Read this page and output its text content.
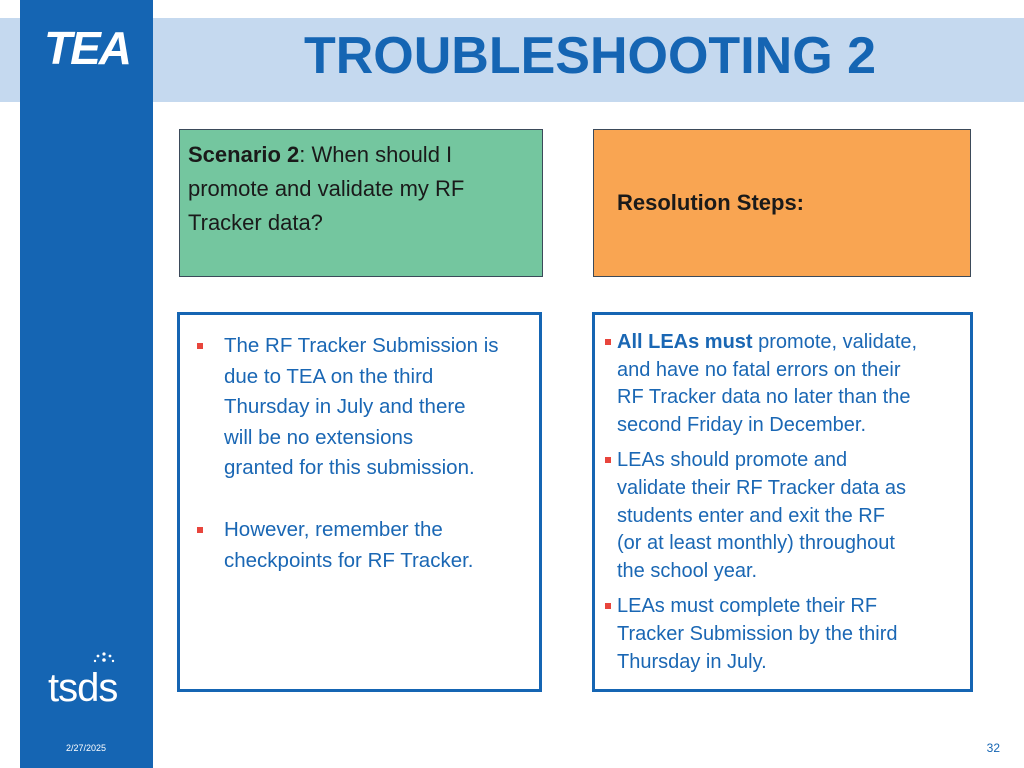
TEA
tsds
2/27/2025
TROUBLESHOOTING 2
Scenario 2: When should I
promote and validate my RF
Tracker data?
Resolution Steps:
The RF Tracker Submission is
due to TEA on the third
Thursday in July and there
will be no extensions
granted for this submission.
However, remember the
checkpoints for RF Tracker.
All LEAs must promote, validate,
and have no fatal errors on their
RF Tracker data no later than the
second Friday in December.
LEAs should promote and
validate their RF Tracker data as
students enter and exit the RF
(or at least monthly) throughout
the school year.
LEAs must complete their RF
Tracker Submission by the third
Thursday in July.
32
